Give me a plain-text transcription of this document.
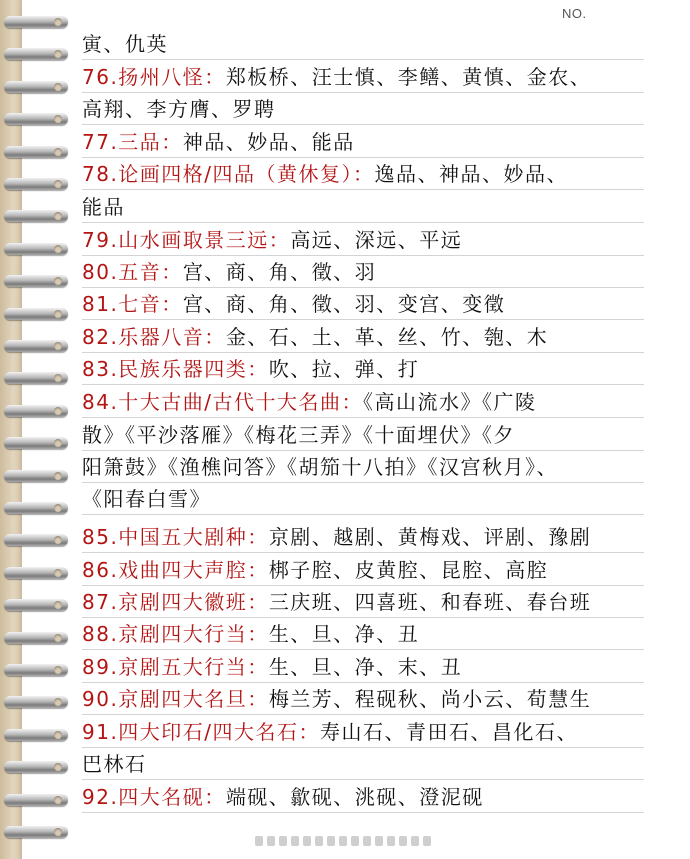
NO.
寅、仇英
76.扬州八怪：郑板桥、汪士慎、李鳝、黄慎、金农、
高翔、李方膺、罗聘
77.三品：神品、妙品、能品
78.论画四格/四品（黄休复）：逸品、神品、妙品、
能品
79.山水画取景三远：高远、深远、平远
80.五音：宫、商、角、徵、羽
81.七音：宫、商、角、徵、羽、变宫、变徵
82.乐器八音：金、石、土、革、丝、竹、匏、木
83.民族乐器四类：吹、拉、弹、打
84.十大古曲/古代十大名曲：《高山流水》《广陵
散》《平沙落雁》《梅花三弄》《十面埋伏》《夕
阳箫鼓》《渔樵问答》《胡笳十八拍》《汉宫秋月》、
《阳春白雪》
85.中国五大剧种：京剧、越剧、黄梅戏、评剧、豫剧
86.戏曲四大声腔：梆子腔、皮黄腔、昆腔、高腔
87.京剧四大徽班：三庆班、四喜班、和春班、春台班
88.京剧四大行当：生、旦、净、丑
89.京剧五大行当：生、旦、净、末、丑
90.京剧四大名旦：梅兰芳、程砚秋、尚小云、荀慧生
91.四大印石/四大名石：寿山石、青田石、昌化石、
巴林石
92.四大名砚：端砚、歙砚、洮砚、澄泥砚
